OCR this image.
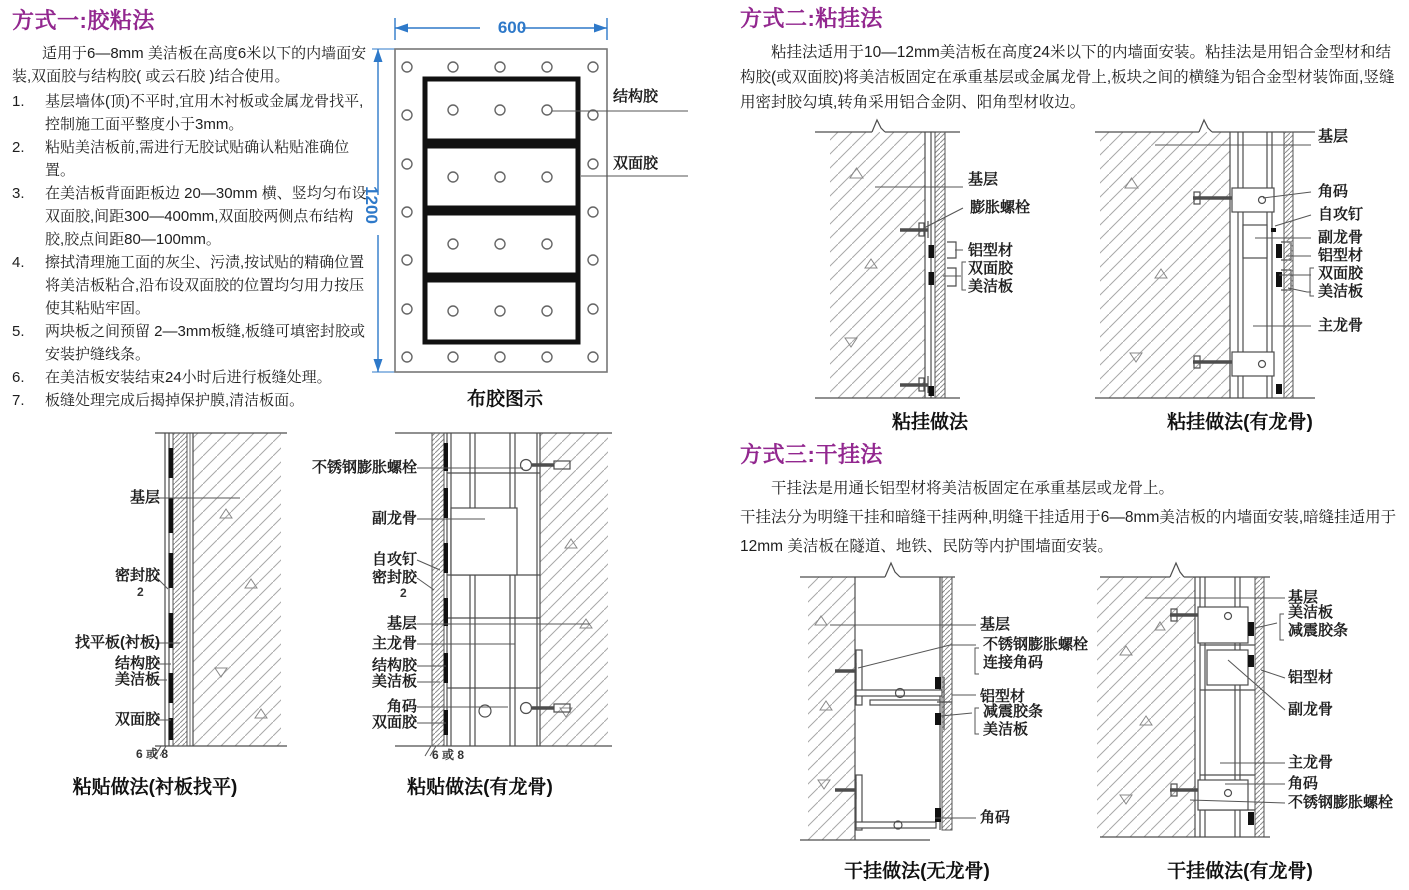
方式一:胶粘法
适用于6—8mm 美洁板在高度6米以下的内墙面安装,双面胶与结构胶( 或云石胶 )结合使用。
1.	基层墙体(顶)不平时,宜用木衬板或金属龙骨找平,控制施工面平整度小于3mm。
2.	粘贴美洁板前,需进行无胶试贴确认粘贴准确位置。
3.	在美洁板背面距板边 20—30mm 横、竖均匀布设双面胶,间距300—400mm,双面胶两侧点布结构胶,胶点间距80—100mm。
4.	擦拭清理施工面的灰尘、污渍,按试贴的精确位置将美洁板粘合,沿布设双面胶的位置均匀用力按压使其粘贴牢固。
5.	两块板之间预留 2—3mm板缝,板缝可填密封胶或安装护缝线条。
6.	在美洁板安装结束24小时后进行板缝处理。
7.	板缝处理完成后揭掉保护膜,清洁板面。
600
1200
结构胶
双面胶
布胶图示
方式二:粘挂法
粘挂法适用于10—12mm美洁板在高度24米以下的内墙面安装。粘挂法是用铝合金型材和结构胶(或双面胶)将美洁板固定在承重基层或金属龙骨上,板块之间的横缝为铝合金型材装饰面,竖缝用密封胶勾填,转角采用铝合金阴、阳角型材收边。
基层
膨胀螺栓
铝型材
双面胶
美洁板
粘挂做法
基层
角码
自攻钉
副龙骨
铝型材
双面胶
美洁板
主龙骨
粘挂做法(有龙骨)
方式三:干挂法
干挂法是用通长铝型材将美洁板固定在承重基层或龙骨上。
干挂法分为明缝干挂和暗缝干挂两种,明缝干挂适用于6—8mm美洁板的内墙面安装,暗缝挂适用于12mm 美洁板在隧道、地铁、民防等内护围墙面安装。
基层
密封胶
2
找平板(衬板)
结构胶
美洁板
双面胶
6 或 8
粘贴做法(衬板找平)
不锈钢膨胀螺栓
副龙骨
自攻钉
密封胶
2
基层
主龙骨
结构胶
美洁板
角码
双面胶
6 或 8
粘贴做法(有龙骨)
基层
不锈钢膨胀螺栓
连接角码
铝型材
减震胶条
美洁板
角码
干挂做法(无龙骨)
基层
美洁板
减震胶条
铝型材
副龙骨
主龙骨
角码
不锈钢膨胀螺栓
干挂做法(有龙骨)
